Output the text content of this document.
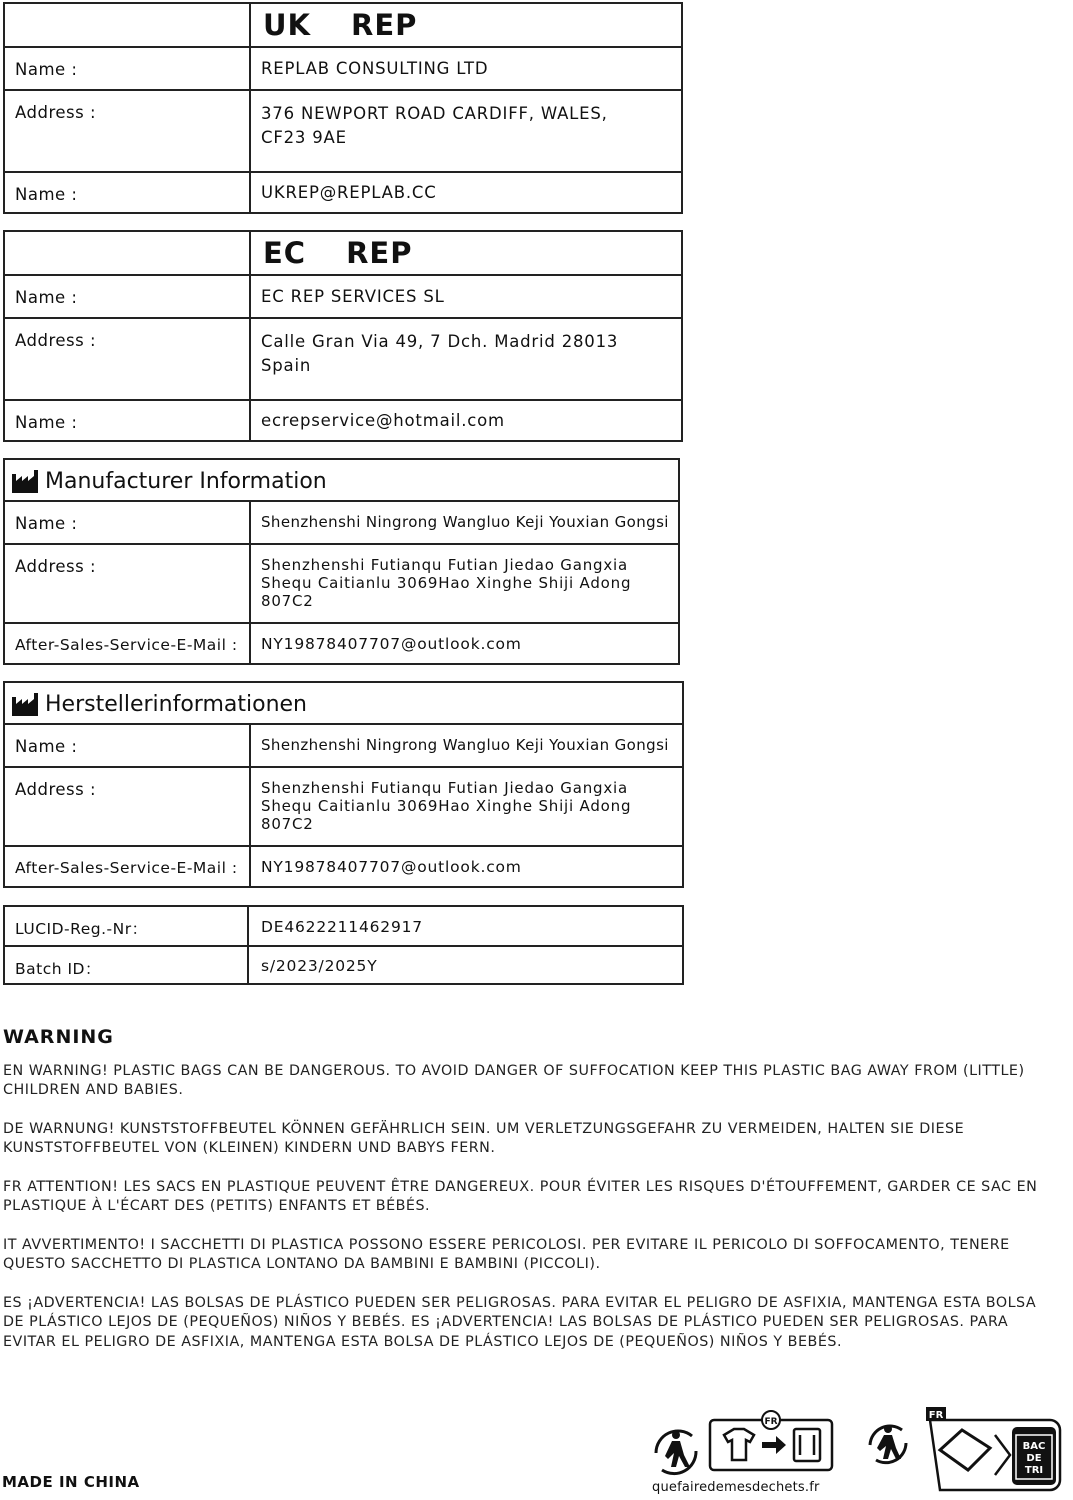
UK REP
Name :	REPLAB CONSULTING LTD
Address :	376 NEWPORT ROAD CARDIFF, WALES,
CF23 9AE
Name :	UKREP@REPLAB.CC
EC REP
Name :	EC REP SERVICES SL
Address :	Calle Gran Via 49, 7 Dch. Madrid 28013
Spain
Name :	ecrepservice@hotmail.com
Manufacturer Information
Name :	Shenzhenshi Ningrong Wangluo Keji Youxian Gongsi
Address :	Shenzhenshi Futianqu Futian Jiedao Gangxia
Shequ Caitianlu 3069Hao Xinghe Shiji Adong
807C2
After-Sales-Service-E-Mail : NY19878407707@outlook.com
Herstellerinformationen
Name :	Shenzhenshi Ningrong Wangluo Keji Youxian Gongsi
Address :	Shenzhenshi Futianqu Futian Jiedao Gangxia
Shequ Caitianlu 3069Hao Xinghe Shiji Adong
807C2
After-Sales-Service-E-Mail : NY19878407707@outlook.com
LUCID-Reg.-Nr：	DE4622211462917
Batch ID：	s/2023/2025Y
WARNING
EN WARNING! PLASTIC BAGS CAN BE DANGEROUS. TO AVOID DANGER OF SUFFOCATION KEEP THIS PLASTIC BAG AWAY FROM (LITTLE)
CHILDREN AND BABIES.
DE WARNUNG! KUNSTSTOFFBEUTEL KÖNNEN GEFÄHRLICH SEIN. UM VERLETZUNGSGEFAHR ZU VERMEIDEN, HALTEN SIE DIESE
KUNSTSTOFFBEUTEL VON (KLEINEN) KINDERN UND BABYS FERN.
FR ATTENTION! LES SACS EN PLASTIQUE PEUVENT ÊTRE DANGEREUX. POUR ÉVITER LES RISQUES D'ÉTOUFFEMENT, GARDER CE SAC EN
PLASTIQUE À L'ÉCART DES (PETITS) ENFANTS ET BÉBÉS.
IT AVVERTIMENTO! I SACCHETTI DI PLASTICA POSSONO ESSERE PERICOLOSI. PER EVITARE IL PERICOLO DI SOFFOCAMENTO, TENERE
QUESTO SACCHETTO DI PLASTICA LONTANO DA BAMBINI E BAMBINI (PICCOLI).
ES ¡ADVERTENCIA! LAS BOLSAS DE PLÁSTICO PUEDEN SER PELIGROSAS. PARA EVITAR EL PELIGRO DE ASFIXIA, MANTENGA ESTA BOLSA
DE PLÁSTICO LEJOS DE (PEQUEÑOS) NIÑOS Y BEBÉS. ES ¡ADVERTENCIA! LAS BOLSAS DE PLÁSTICO PUEDEN SER PELIGROSAS. PARA
EVITAR EL PELIGRO DE ASFIXIA, MANTENGA ESTA BOLSA DE PLÁSTICO LEJOS DE (PEQUEÑOS) NIÑOS Y BEBÉS.
MADE IN CHINA
FR
BAC
DE
TRI
FR
quefairedemesdechets.fr
